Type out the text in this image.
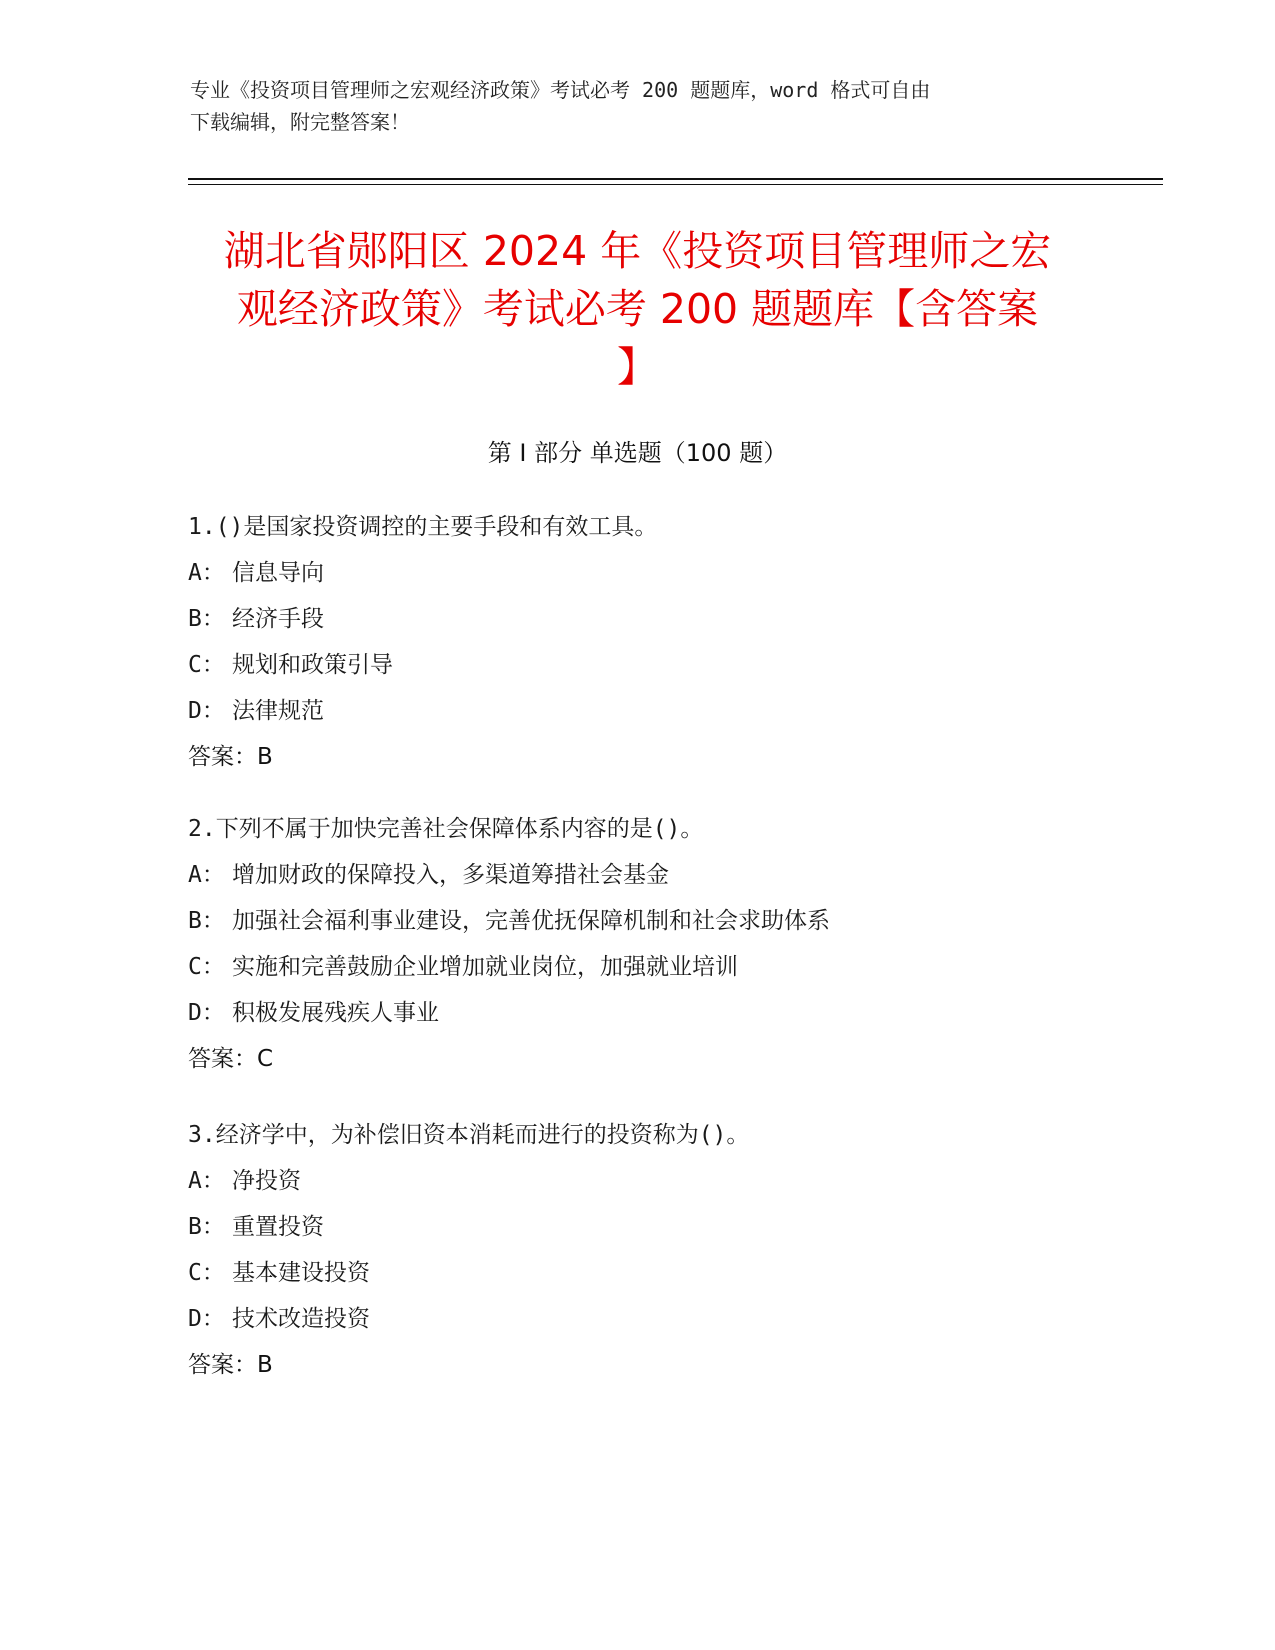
专业《投资项目管理师之宏观经济政策》考试必考 200 题题库，word 格式可自由
下载编辑，附完整答案！
湖北省郧阳区 2024 年《投资项目管理师之宏
观经济政策》考试必考 200 题题库【含答案
】
第 I 部分 单选题（100 题）
1.()是国家投资调控的主要手段和有效工具。
A： 信息导向
B： 经济手段
C： 规划和政策引导
D： 法律规范
答案：B
2.下列不属于加快完善社会保障体系内容的是()。
A： 增加财政的保障投入，多渠道筹措社会基金
B： 加强社会福利事业建设，完善优抚保障机制和社会求助体系
C： 实施和完善鼓励企业增加就业岗位，加强就业培训
D： 积极发展残疾人事业
答案：C
3.经济学中，为补偿旧资本消耗而进行的投资称为()。
A： 净投资
B： 重置投资
C： 基本建设投资
D： 技术改造投资
答案：B
